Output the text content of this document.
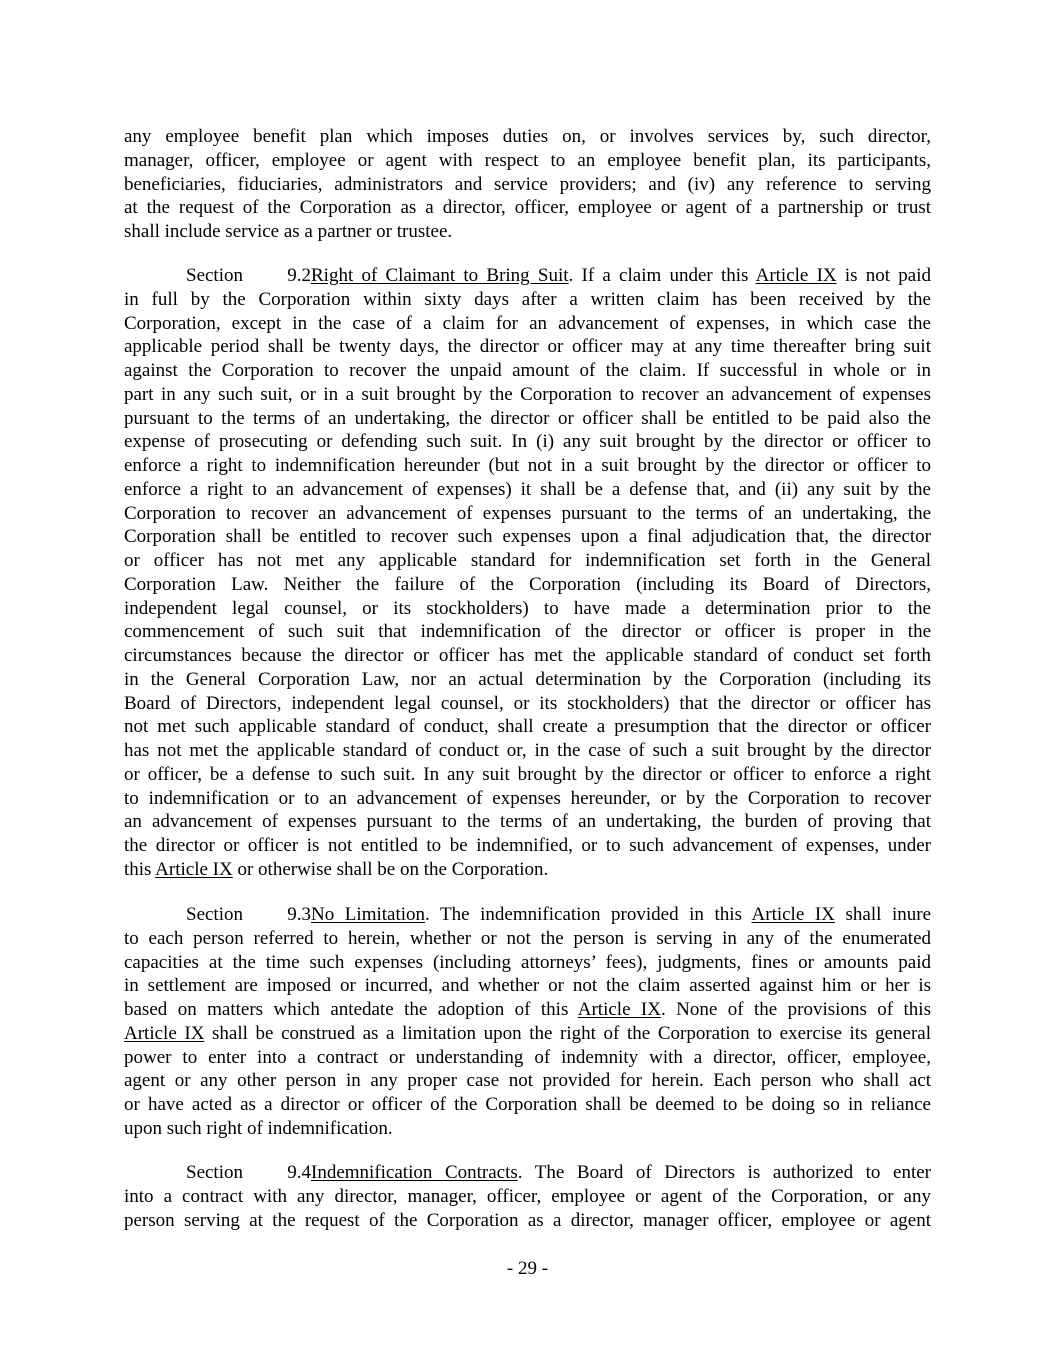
any employee benefit plan which imposes duties on, or involves services by, such director,
manager, officer, employee or agent with respect to an employee benefit plan, its participants,
beneficiaries, fiduciaries, administrators and service providers; and (iv) any reference to serving
at the request of the Corporation as a director, officer, employee or agent of a partnership or trust
shall include service as a partner or trustee.
Section 9.2Right of Claimant to Bring Suit. If a claim under this Article IX is not paid
in full by the Corporation within sixty days after a written claim has been received by the
Corporation, except in the case of a claim for an advancement of expenses, in which case the
applicable period shall be twenty days, the director or officer may at any time thereafter bring suit
against the Corporation to recover the unpaid amount of the claim. If successful in whole or in
part in any such suit, or in a suit brought by the Corporation to recover an advancement of expenses
pursuant to the terms of an undertaking, the director or officer shall be entitled to be paid also the
expense of prosecuting or defending such suit. In (i) any suit brought by the director or officer to
enforce a right to indemnification hereunder (but not in a suit brought by the director or officer to
enforce a right to an advancement of expenses) it shall be a defense that, and (ii) any suit by the
Corporation to recover an advancement of expenses pursuant to the terms of an undertaking, the
Corporation shall be entitled to recover such expenses upon a final adjudication that, the director
or officer has not met any applicable standard for indemnification set forth in the General
Corporation Law. Neither the failure of the Corporation (including its Board of Directors,
independent legal counsel, or its stockholders) to have made a determination prior to the
commencement of such suit that indemnification of the director or officer is proper in the
circumstances because the director or officer has met the applicable standard of conduct set forth
in the General Corporation Law, nor an actual determination by the Corporation (including its
Board of Directors, independent legal counsel, or its stockholders) that the director or officer has
not met such applicable standard of conduct, shall create a presumption that the director or officer
has not met the applicable standard of conduct or, in the case of such a suit brought by the director
or officer, be a defense to such suit. In any suit brought by the director or officer to enforce a right
to indemnification or to an advancement of expenses hereunder, or by the Corporation to recover
an advancement of expenses pursuant to the terms of an undertaking, the burden of proving that
the director or officer is not entitled to be indemnified, or to such advancement of expenses, under
this Article IX or otherwise shall be on the Corporation.
Section 9.3No Limitation. The indemnification provided in this Article IX shall inure
to each person referred to herein, whether or not the person is serving in any of the enumerated
capacities at the time such expenses (including attorneys’ fees), judgments, fines or amounts paid
in settlement are imposed or incurred, and whether or not the claim asserted against him or her is
based on matters which antedate the adoption of this Article IX. None of the provisions of this
Article IX shall be construed as a limitation upon the right of the Corporation to exercise its general
power to enter into a contract or understanding of indemnity with a director, officer, employee,
agent or any other person in any proper case not provided for herein. Each person who shall act
or have acted as a director or officer of the Corporation shall be deemed to be doing so in reliance
upon such right of indemnification.
Section 9.4Indemnification Contracts. The Board of Directors is authorized to enter
into a contract with any director, manager, officer, employee or agent of the Corporation, or any
person serving at the request of the Corporation as a director, manager officer, employee or agent
- 29 -
